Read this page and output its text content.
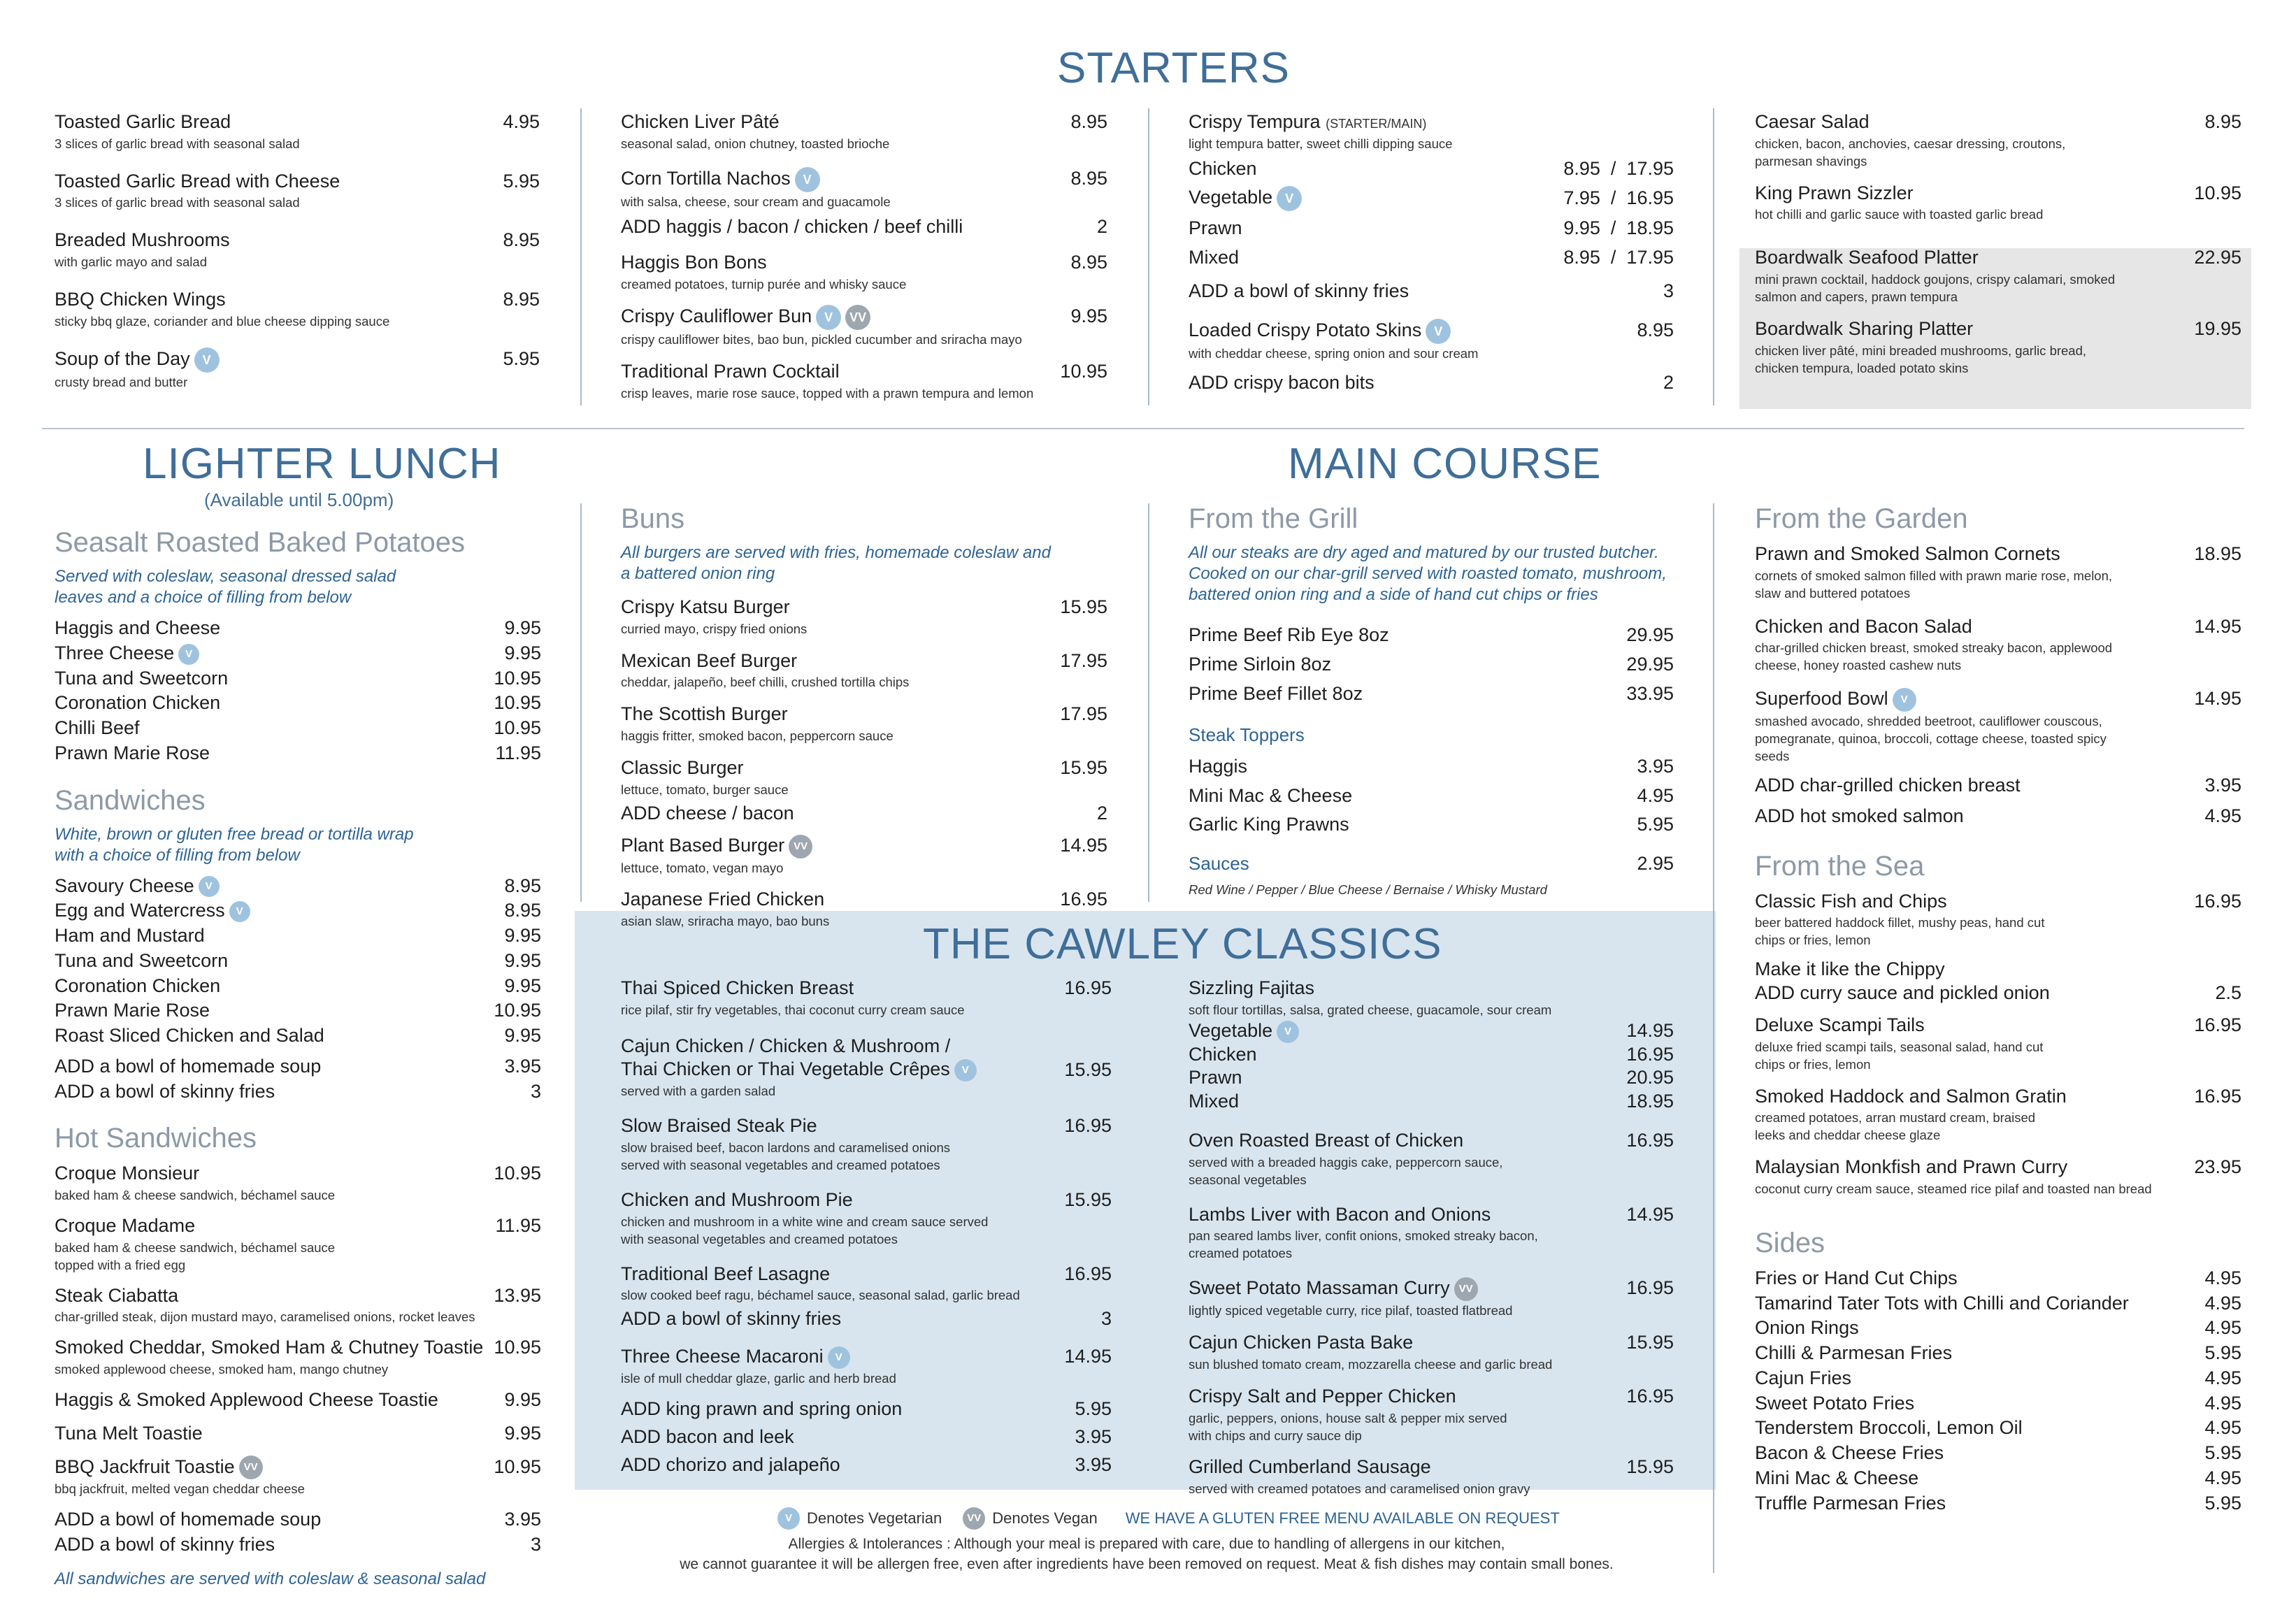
STARTERS
LIGHTER LUNCH
(Available until 5.00pm)
MAIN COURSE
THE CAWLEY CLASSICS
Toasted Garlic Bread	4.95
3 slices of garlic bread with seasonal salad
Toasted Garlic Bread with Cheese	5.95
3 slices of garlic bread with seasonal salad
Breaded Mushrooms	8.95
with garlic mayo and salad
BBQ Chicken Wings	8.95
sticky bbq glaze, coriander and blue cheese dipping sauce
Soup of the Day V	5.95
crusty bread and butter
Chicken Liver Pâté	8.95
seasonal salad, onion chutney, toasted brioche
Corn Tortilla Nachos V	8.95
with salsa, cheese, sour cream and guacamole
ADD haggis / bacon / chicken / beef chilli	2
Haggis Bon Bons	8.95
creamed potatoes, turnip purée and whisky sauce
Crispy Cauliflower Bun V VV	9.95
crispy cauliflower bites, bao bun, pickled cucumber and sriracha mayo
Traditional Prawn Cocktail	10.95
crisp leaves, marie rose sauce, topped with a prawn tempura and lemon
Crispy Tempura (STARTER/MAIN)
light tempura batter, sweet chilli dipping sauce
Chicken	8.95  /  17.95
Vegetable V	7.95  /  16.95
Prawn	9.95  /  18.95
Mixed	8.95  /  17.95
ADD a bowl of skinny fries	3
Loaded Crispy Potato Skins V	8.95
with cheddar cheese, spring onion and sour cream
ADD crispy bacon bits	2
Caesar Salad	8.95
chicken, bacon, anchovies, caesar dressing, croutons, parmesan shavings
King Prawn Sizzler	10.95
hot chilli and garlic sauce with toasted garlic bread
Boardwalk Seafood Platter	22.95
mini prawn cocktail, haddock goujons, crispy calamari, smoked salmon and capers, prawn tempura
Boardwalk Sharing Platter	19.95
chicken liver pâté, mini breaded mushrooms, garlic bread, chicken tempura, loaded potato skins
Seasalt Roasted Baked Potatoes
Served with coleslaw, seasonal dressed salad leaves and a choice of filling from below
Haggis and Cheese	9.95
Three Cheese V	9.95
Tuna and Sweetcorn	10.95
Coronation Chicken	10.95
Chilli Beef	10.95
Prawn Marie Rose	11.95
Sandwiches
White, brown or gluten free bread or tortilla wrap with a choice of filling from below
Savoury Cheese V	8.95
Egg and Watercress V	8.95
Ham and Mustard	9.95
Tuna and Sweetcorn	9.95
Coronation Chicken	9.95
Prawn Marie Rose	10.95
Roast Sliced Chicken and Salad	9.95
ADD a bowl of homemade soup	3.95
ADD a bowl of skinny fries	3
Hot Sandwiches
Croque Monsieur	10.95
baked ham & cheese sandwich, béchamel sauce
Croque Madame	11.95
baked ham & cheese sandwich, béchamel sauce topped with a fried egg
Steak Ciabatta	13.95
char-grilled steak, dijon mustard mayo, caramelised onions, rocket leaves
Smoked Cheddar, Smoked Ham & Chutney Toastie 10.95
smoked applewood cheese, smoked ham, mango chutney
Haggis & Smoked Applewood Cheese Toastie	9.95
Tuna Melt Toastie	9.95
BBQ Jackfruit Toastie VV	10.95
bbq jackfruit, melted vegan cheddar cheese
ADD a bowl of homemade soup	3.95
ADD a bowl of skinny fries	3
All sandwiches are served with coleslaw & seasonal salad
Buns
All burgers are served with fries, homemade coleslaw and a battered onion ring
Crispy Katsu Burger	15.95
curried mayo, crispy fried onions
Mexican Beef Burger	17.95
cheddar, jalapeño, beef chilli, crushed tortilla chips
The Scottish Burger	17.95
haggis fritter, smoked bacon, peppercorn sauce
Classic Burger	15.95
lettuce, tomato, burger sauce
ADD cheese / bacon	2
Plant Based Burger VV	14.95
lettuce, tomato, vegan mayo
Japanese Fried Chicken	16.95
asian slaw, sriracha mayo, bao buns
From the Grill
All our steaks are dry aged and matured by our trusted butcher. Cooked on our char-grill served with roasted tomato, mushroom, battered onion ring and a side of hand cut chips or fries
Prime Beef Rib Eye 8oz	29.95
Prime Sirloin 8oz	29.95
Prime Beef Fillet 8oz	33.95
Steak Toppers
Haggis	3.95
Mini Mac & Cheese	4.95
Garlic King Prawns	5.95
Sauces	2.95
Red Wine / Pepper / Blue Cheese / Bernaise / Whisky Mustard
From the Garden
Prawn and Smoked Salmon Cornets	18.95
cornets of smoked salmon filled with prawn marie rose, melon, slaw and buttered potatoes
Chicken and Bacon Salad	14.95
char-grilled chicken breast, smoked streaky bacon, applewood cheese, honey roasted cashew nuts
Superfood Bowl V	14.95
smashed avocado, shredded beetroot, cauliflower couscous, pomegranate, quinoa, broccoli, cottage cheese, toasted spicy seeds
ADD char-grilled chicken breast	3.95
ADD hot smoked salmon	4.95
From the Sea
Classic Fish and Chips	16.95
beer battered haddock fillet, mushy peas, hand cut chips or fries, lemon
Make it like the Chippy
ADD curry sauce and pickled onion	2.5
Deluxe Scampi Tails	16.95
deluxe fried scampi tails, seasonal salad, hand cut chips or fries, lemon
Smoked Haddock and Salmon Gratin	16.95
creamed potatoes, arran mustard cream, braised leeks and cheddar cheese glaze
Malaysian Monkfish and Prawn Curry	23.95
coconut curry cream sauce, steamed rice pilaf and toasted nan bread
Sides
Fries or Hand Cut Chips	4.95
Tamarind Tater Tots with Chilli and Coriander	4.95
Onion Rings	4.95
Chilli & Parmesan Fries	5.95
Cajun Fries	4.95
Sweet Potato Fries	4.95
Tenderstem Broccoli, Lemon Oil	4.95
Bacon & Cheese Fries	5.95
Mini Mac & Cheese	4.95
Truffle Parmesan Fries	5.95
Thai Spiced Chicken Breast	16.95
rice pilaf, stir fry vegetables, thai coconut curry cream sauce
Cajun Chicken / Chicken & Mushroom /
Thai Chicken or Thai Vegetable Crêpes V	15.95
served with a garden salad
Slow Braised Steak Pie	16.95
slow braised beef, bacon lardons and caramelised onions served with seasonal vegetables and creamed potatoes
Chicken and Mushroom Pie	15.95
chicken and mushroom in a white wine and cream sauce served with seasonal vegetables and creamed potatoes
Traditional Beef Lasagne	16.95
slow cooked beef ragu, béchamel sauce, seasonal salad, garlic bread
ADD a bowl of skinny fries	3
Three Cheese Macaroni V	14.95
isle of mull cheddar glaze, garlic and herb bread
ADD king prawn and spring onion	5.95
ADD bacon and leek	3.95
ADD chorizo and jalapeño	3.95
Sizzling Fajitas
soft flour tortillas, salsa, grated cheese, guacamole, sour cream
Vegetable V	14.95
Chicken	16.95
Prawn	20.95
Mixed	18.95
Oven Roasted Breast of Chicken	16.95
served with a breaded haggis cake, peppercorn sauce, seasonal vegetables
Lambs Liver with Bacon and Onions	14.95
pan seared lambs liver, confit onions, smoked streaky bacon, creamed potatoes
Sweet Potato Massaman Curry VV	16.95
lightly spiced vegetable curry, rice pilaf, toasted flatbread
Cajun Chicken Pasta Bake	15.95
sun blushed tomato cream, mozzarella cheese and garlic bread
Crispy Salt and Pepper Chicken	16.95
garlic, peppers, onions, house salt & pepper mix served with chips and curry sauce dip
Grilled Cumberland Sausage	15.95
served with creamed potatoes and caramelised onion gravy
V Denotes Vegetarian	VV Denotes Vegan WE HAVE A GLUTEN FREE MENU AVAILABLE ON REQUEST
Allergies & Intolerances : Although your meal is prepared with care, due to handling of allergens in our kitchen,
we cannot guarantee it will be allergen free, even after ingredients have been removed on request. Meat & fish dishes may contain small bones.
